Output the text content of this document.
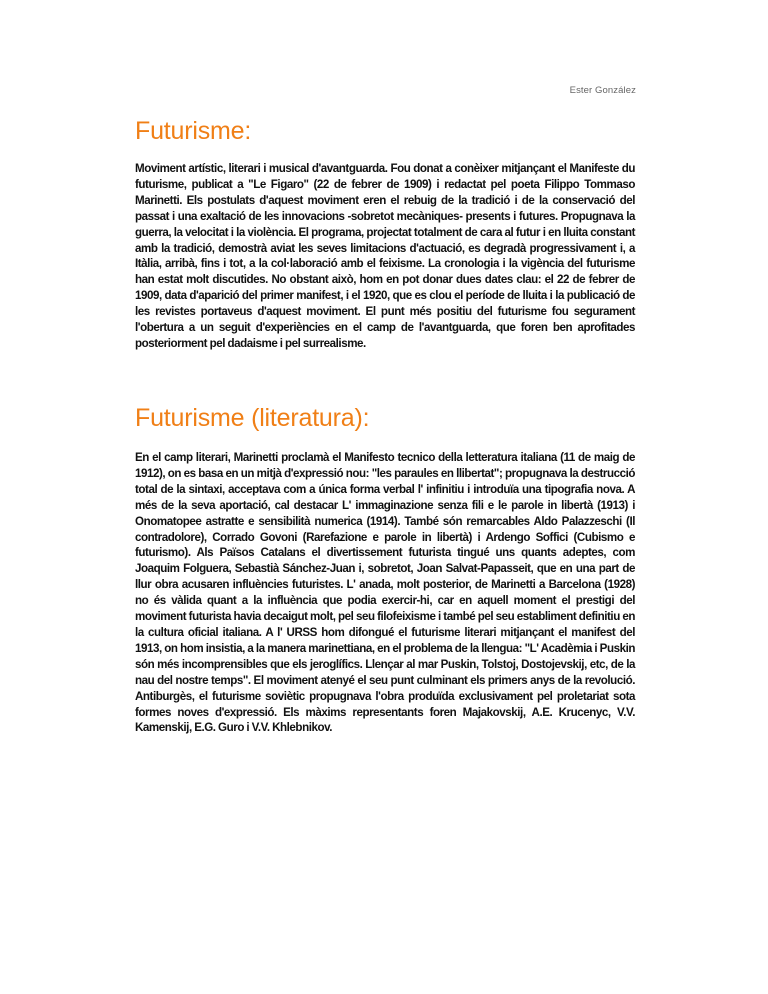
Ester González
Futurisme:

Moviment artístic, literari i musical d'avantguarda. Fou donat a conèixer mitjançant el Manifeste du futurisme, publicat a "Le Figaro" (22 de febrer de 1909) i redactat pel poeta Filippo Tommaso Marinetti. Els postulats d'aquest moviment eren el rebuig de la tradició i de la conservació del passat i una exaltació de les innovacions -sobretot mecàniques- presents i futures. Propugnava la guerra, la velocitat i la violència. El programa, projectat totalment de cara al futur i en lluita constant amb la tradició, demostrà aviat les seves limitacions d'actuació, es degradà progressivament i, a Itàlia, arribà, fins i tot, a la col·laboració amb el feixisme. La cronologia i la vigència del futurisme han estat molt discutides. No obstant això, hom en pot donar dues dates clau: el 22 de febrer de 1909, data d'aparició del primer manifest, i el 1920, que es clou el període de lluita i la publicació de les revistes portaveus d'aquest moviment. El punt més positiu del futurisme fou segurament l'obertura a un seguit d'experiències en el camp de l'avantguarda, que foren ben aprofitades posteriorment pel dadaisme i pel surrealisme.

Futurisme (literatura):

En el camp literari, Marinetti proclamà el Manifesto tecnico della letteratura italiana (11 de maig de 1912), on es basa en un mitjà d'expressió nou: "les paraules en llibertat"; propugnava la destrucció total de la sintaxi, acceptava com a única forma verbal l' infinitiu i introduïa una tipografia nova. A més de la seva aportació, cal destacar L' immaginazione senza fili e le parole in libertà (1913) i Onomatopee astratte e sensibilità numerica (1914). També són remarcables Aldo Palazzeschi (Il contradolore), Corrado Govoni (Rarefazione e parole in libertà) i Ardengo Soffici (Cubismo e futurismo). Als Països Catalans el divertissement futurista tingué uns quants adeptes, com Joaquim Folguera, Sebastià Sánchez-Juan i, sobretot, Joan Salvat-Papasseit, que en una part de llur obra acusaren influències futuristes. L' anada, molt posterior, de Marinetti a Barcelona (1928) no és vàlida quant a la influència que podia exercir-hi, car en aquell moment el prestigi del moviment futurista havia decaigut molt, pel seu filofeixisme i també pel seu establiment definitiu en la cultura oficial italiana. A l' URSS hom difongué el futurisme literari mitjançant el manifest del 1913, on hom insistia, a la manera marinettiana, en el problema de la llengua: "L' Acadèmia i Puskin són més incomprensibles que els jeroglífics. Llençar al mar Puskin, Tolstoj, Dostojevskij, etc, de la nau del nostre temps". El moviment atenyé el seu punt culminant els primers anys de la revolució. Antiburgès, el futurisme soviètic propugnava l'obra produïda exclusivament pel proletariat sota formes noves d'expressió. Els màxims representants foren Majakovskij, A.E. Krucenyc, V.V. Kamenskij, E.G. Guro i V.V. Khlebnikov.
